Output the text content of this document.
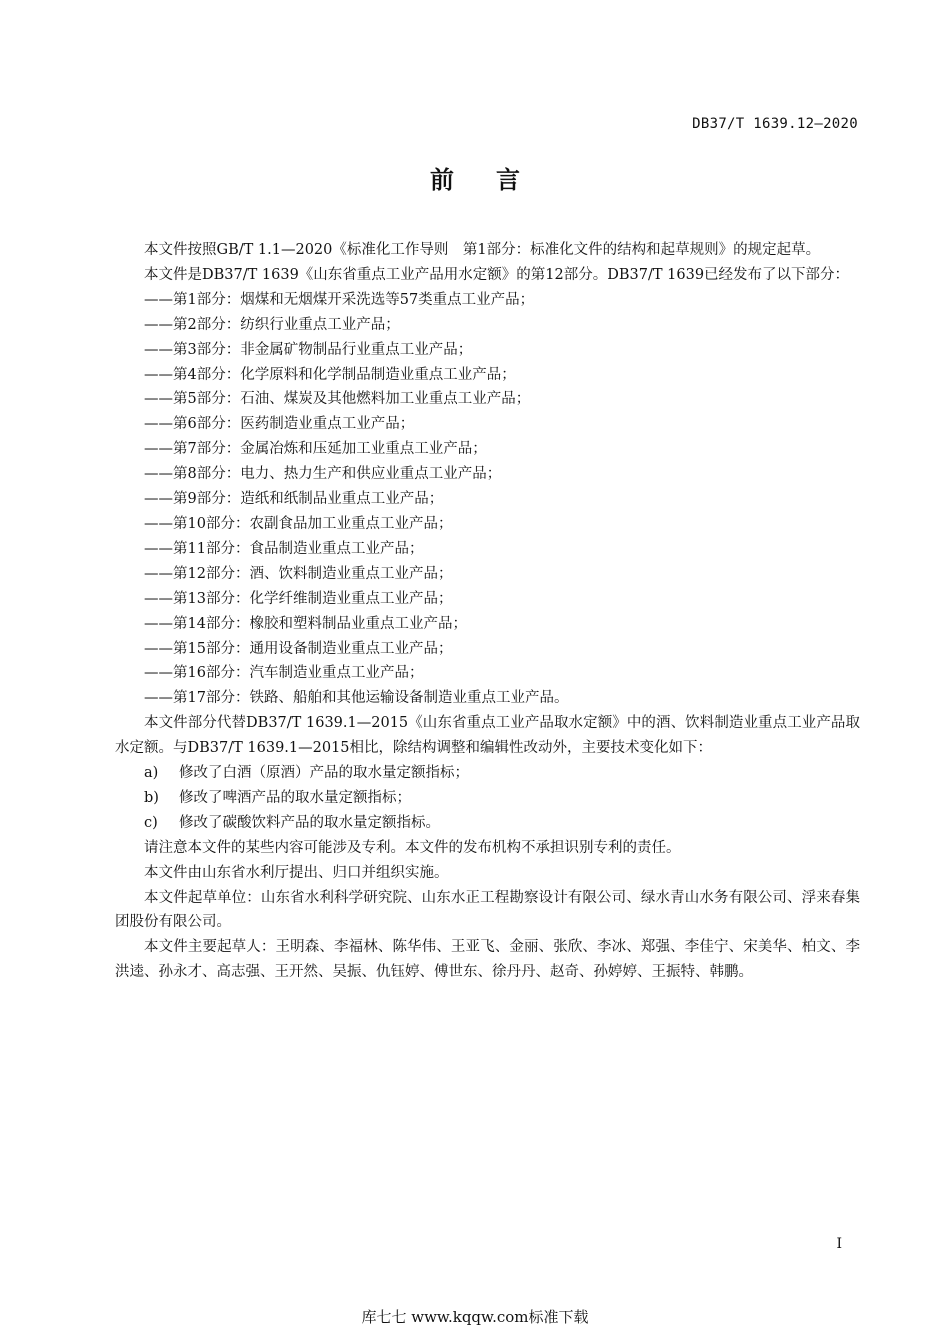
DB37/T 1639.12—2020
前言

本文件按照GB/T 1.1—2020《标准化工作导则　第1部分：标准化文件的结构和起草规则》的规定起草。

本文件是DB37/T 1639《山东省重点工业产品用水定额》的第12部分。DB37/T 1639已经发布了以下部分：

——第1部分：烟煤和无烟煤开采洗选等57类重点工业产品；

——第2部分：纺织行业重点工业产品；

——第3部分：非金属矿物制品行业重点工业产品；

——第4部分：化学原料和化学制品制造业重点工业产品；

——第5部分：石油、煤炭及其他燃料加工业重点工业产品；

——第6部分：医药制造业重点工业产品；

——第7部分：金属冶炼和压延加工业重点工业产品；

——第8部分：电力、热力生产和供应业重点工业产品；

——第9部分：造纸和纸制品业重点工业产品；

——第10部分：农副食品加工业重点工业产品；

——第11部分：食品制造业重点工业产品；

——第12部分：酒、饮料制造业重点工业产品；

——第13部分：化学纤维制造业重点工业产品；

——第14部分：橡胶和塑料制品业重点工业产品；

——第15部分：通用设备制造业重点工业产品；

——第16部分：汽车制造业重点工业产品；

——第17部分：铁路、船舶和其他运输设备制造业重点工业产品。

本文件部分代替DB37/T 1639.1—2015《山东省重点工业产品取水定额》中的酒、饮料制造业重点工业产品取水定额。与DB37/T 1639.1—2015相比，除结构调整和编辑性改动外，主要技术变化如下：

a) 修改了白酒（原酒）产品的取水量定额指标；

b) 修改了啤酒产品的取水量定额指标；

c) 修改了碳酸饮料产品的取水量定额指标。

请注意本文件的某些内容可能涉及专利。本文件的发布机构不承担识别专利的责任。

本文件由山东省水利厅提出、归口并组织实施。

本文件起草单位：山东省水利科学研究院、山东水正工程勘察设计有限公司、绿水青山水务有限公司、浮来春集团股份有限公司。

本文件主要起草人：王明森、李福林、陈华伟、王亚飞、金丽、张欣、李冰、郑强、李佳宁、宋美华、柏文、李洪逵、孙永才、高志强、王开然、吴振、仇钰婷、傅世东、徐丹丹、赵奇、孙婷婷、王振特、韩鹏。

I
库七七 www.kqqw.com标准下载
